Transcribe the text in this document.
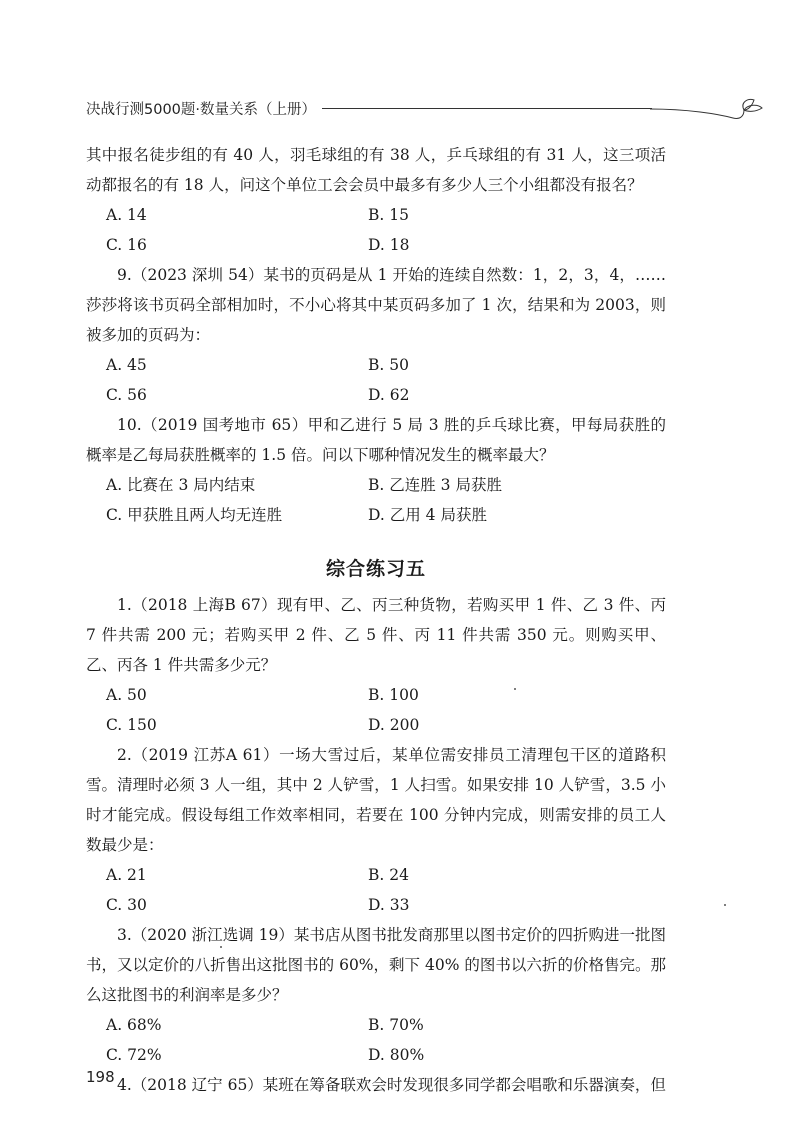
决战行测5000题·数量关系（上册）

其中报名徒步组的有 40 人，羽毛球组的有 38 人，乒乓球组的有 31 人，这三项活动都报名的有 18 人，问这个单位工会会员中最多有多少人三个小组都没有报名？

A. 14	B. 15
C. 16	D. 18

9.（2023 深圳 54）某书的页码是从 1 开始的连续自然数：1，2，3，4，……莎莎将该书页码全部相加时，不小心将其中某页码多加了 1 次，结果和为 2003，则被多加的页码为：

A. 45	B. 50
C. 56	D. 62

10.（2019 国考地市 65）甲和乙进行 5 局 3 胜的乒乓球比赛，甲每局获胜的概率是乙每局获胜概率的 1.5 倍。问以下哪种情况发生的概率最大？

A. 比赛在 3 局内结束	B. 乙连胜 3 局获胜
C. 甲获胜且两人均无连胜	D. 乙用 4 局获胜
综合练习五

1.（2018 上海B 67）现有甲、乙、丙三种货物，若购买甲 1 件、乙 3 件、丙 7 件共需 200 元；若购买甲 2 件、乙 5 件、丙 11 件共需 350 元。则购买甲、乙、丙各 1 件共需多少元？

A. 50	B. 100
C. 150	D. 200

2.（2019 江苏A 61）一场大雪过后，某单位需安排员工清理包干区的道路积雪。清理时必须 3 人一组，其中 2 人铲雪，1 人扫雪。如果安排 10 人铲雪，3.5 小时才能完成。假设每组工作效率相同，若要在 100 分钟内完成，则需安排的员工人数最少是：

A. 21	B. 24
C. 30	D. 33

3.（2020 浙江选调 19）某书店从图书批发商那里以图书定价的四折购进一批图书，又以定价的八折售出这批图书的 60%，剩下 40% 的图书以六折的价格售完。那么这批图书的利润率是多少？

A. 68%	B. 70%
C. 72%	D. 80%

4.（2018 辽宁 65）某班在筹备联欢会时发现很多同学都会唱歌和乐器演奏，但

198
